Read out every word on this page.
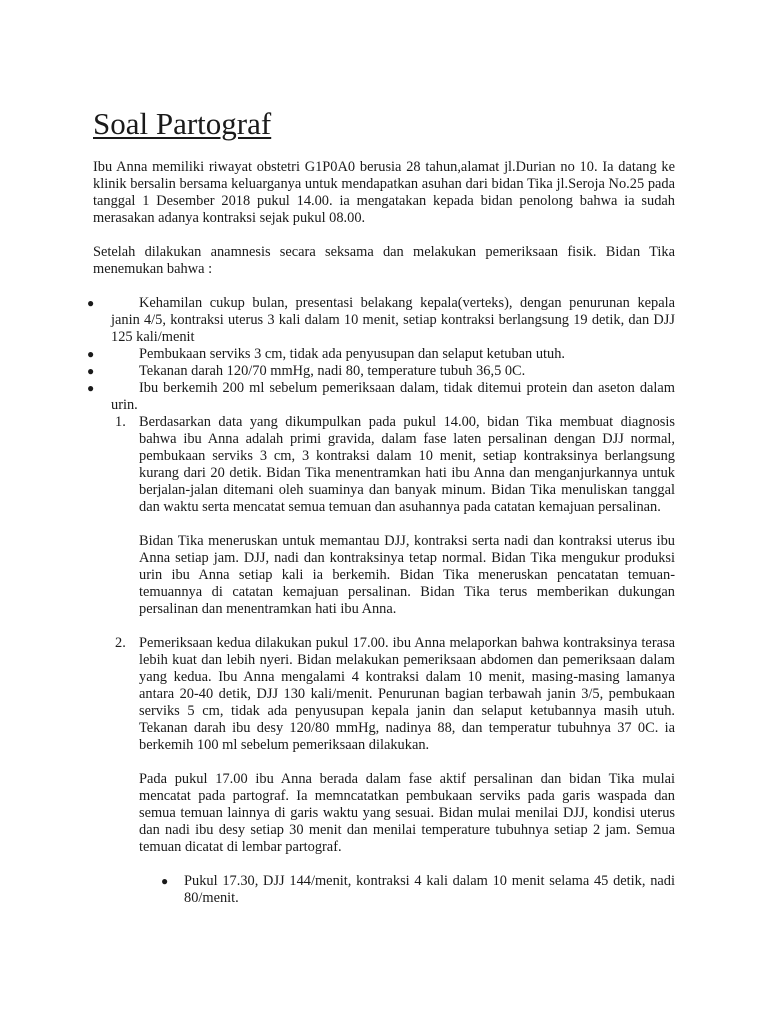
Soal Partograf

Ibu Anna memiliki riwayat obstetri G1P0A0 berusia 28 tahun,alamat jl.Durian no 10. Ia datang ke klinik bersalin bersama keluarganya untuk mendapatkan asuhan dari bidan Tika jl.Seroja No.25 pada tanggal 1 Desember 2018 pukul 14.00. ia mengatakan kepada bidan penolong bahwa ia sudah merasakan adanya kontraksi sejak pukul 08.00.

Setelah dilakukan anamnesis secara seksama dan melakukan pemeriksaan fisik. Bidan Tika menemukan bahwa :

●	Kehamilan cukup bulan, presentasi belakang kepala(verteks), dengan penurunan kepala janin 4/5, kontraksi uterus 3 kali dalam 10 menit, setiap kontraksi berlangsung 19 detik, dan DJJ 125 kali/menit
●	Pembukaan serviks 3 cm, tidak ada penyusupan dan selaput ketuban utuh.
●	Tekanan darah 120/70 mmHg, nadi 80, temperature tubuh 36,5 0C.
●	Ibu berkemih 200 ml sebelum pemeriksaan dalam, tidak ditemui protein dan aseton dalam urin.
1. Berdasarkan data yang dikumpulkan pada pukul 14.00, bidan Tika membuat diagnosis bahwa ibu Anna adalah primi gravida, dalam fase laten persalinan dengan DJJ normal, pembukaan serviks 3 cm, 3 kontraksi dalam 10 menit, setiap kontraksinya berlangsung kurang dari 20 detik. Bidan Tika menentramkan hati ibu Anna dan menganjurkannya untuk berjalan-jalan ditemani oleh suaminya dan banyak minum. Bidan Tika menuliskan tanggal dan waktu serta mencatat semua temuan dan asuhannya pada catatan kemajuan persalinan.

Bidan Tika meneruskan untuk memantau DJJ, kontraksi serta nadi dan kontraksi uterus ibu Anna setiap jam. DJJ, nadi dan kontraksinya tetap normal. Bidan Tika mengukur produksi urin ibu Anna setiap kali ia berkemih. Bidan Tika meneruskan pencatatan temuan-temuannya di catatan kemajuan persalinan. Bidan Tika terus memberikan dukungan persalinan dan menentramkan hati ibu Anna.

2. Pemeriksaan kedua dilakukan pukul 17.00. ibu Anna melaporkan bahwa kontraksinya terasa lebih kuat dan lebih nyeri. Bidan melakukan pemeriksaan abdomen dan pemeriksaan dalam yang kedua. Ibu Anna mengalami 4 kontraksi dalam 10 menit, masing-masing lamanya antara 20-40 detik, DJJ 130 kali/menit. Penurunan bagian terbawah janin 3/5, pembukaan serviks 5 cm, tidak ada penyusupan kepala janin dan selaput ketubannya masih utuh. Tekanan darah ibu desy 120/80 mmHg, nadinya 88, dan temperatur tubuhnya 37 0C. ia berkemih 100 ml sebelum pemeriksaan dilakukan.

Pada pukul 17.00 ibu Anna berada dalam fase aktif persalinan dan bidan Tika mulai mencatat pada partograf. Ia memncatatkan pembukaan serviks pada garis waspada dan semua temuan lainnya di garis waktu yang sesuai. Bidan mulai menilai DJJ, kondisi uterus dan nadi ibu desy setiap 30 menit dan menilai temperature tubuhnya setiap 2 jam. Semua temuan dicatat di lembar partograf.

● Pukul 17.30, DJJ 144/menit, kontraksi 4 kali dalam 10 menit selama 45 detik, nadi 80/menit.
